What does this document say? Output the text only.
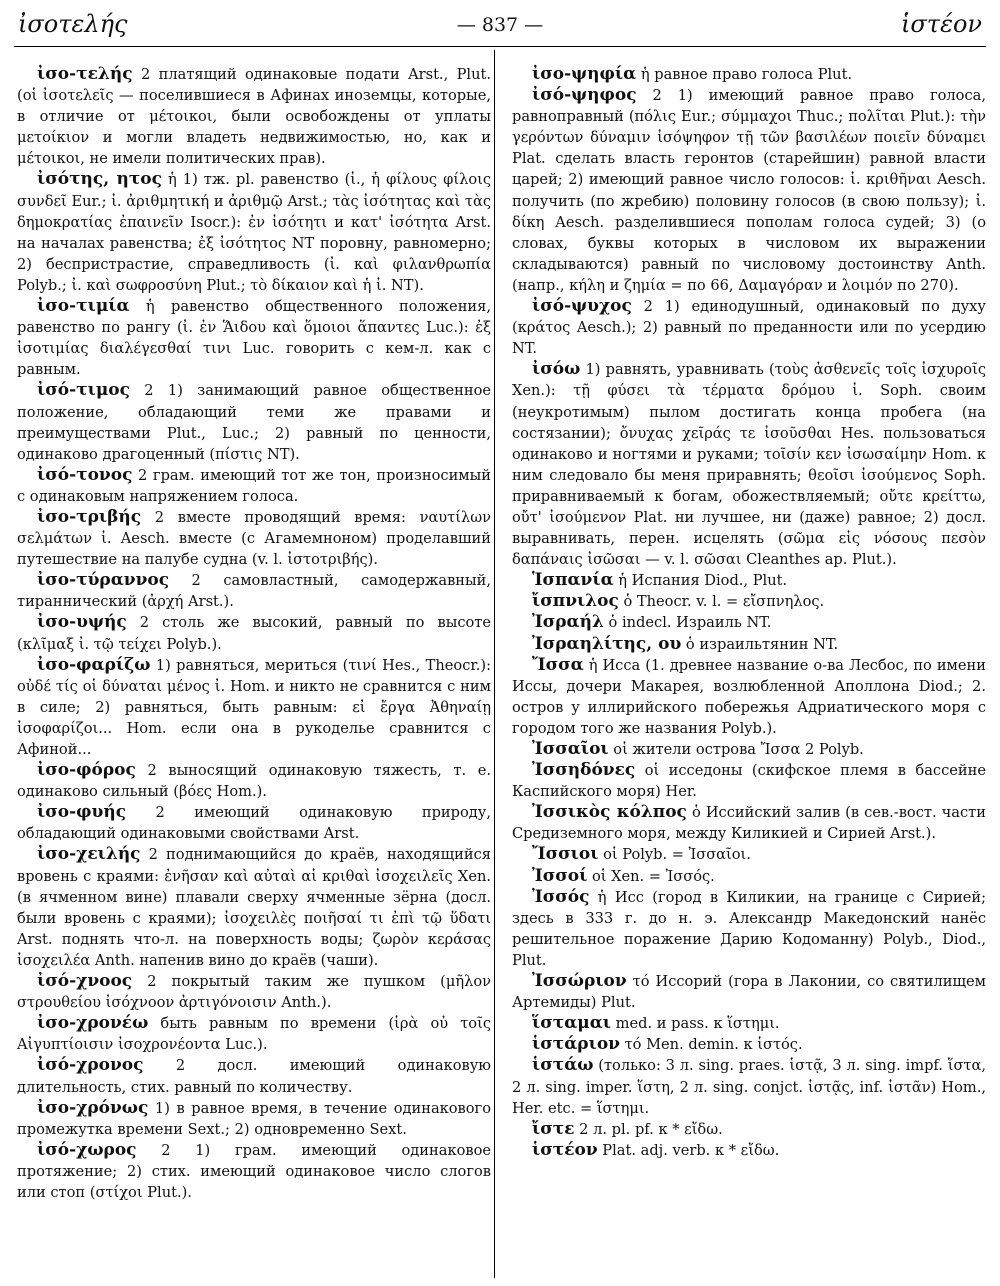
ἰσοτελής	— 837 —	ἱστέον

ἰσο-τελής 2 платящий одинаковые подати Arst., Plut. (οἱ ἰσοτελεῖς — поселившиеся в Афинах иноземцы, которые, в отличие от μέτοικοι, были освобождены от уплаты μετοίκιον и могли владеть недвижимостью, но, как и μέτοικοι, не имели политических прав).

ἰσότης, ητος ἡ 1) тж. pl. равенство (ἰ., ἡ φίλους φίλοις συνδεῖ Eur.; ἰ. ἀριθμητική и ἀριθμῷ Arst.; τὰς ἰσότητας καὶ τὰς δημοκρατίας ἐπαινεῖν Isocr.): ἐν ἰσότητι и κατ' ἰσότητα Arst. на началах равенства; ἐξ ἰσότητος NT поровну, равномерно; 2) беспристрастие, справедливость (ἰ. καὶ φιλανθρωπία Polyb.; ἰ. καὶ σωφροσύνη Plut.; τὸ δίκαιον καὶ ἡ ἰ. NT).

ἰσο-τιμία ἡ равенство общественного положения, равенство по рангу (ἰ. ἐν Ἅιδου καὶ ὅμοιοι ἅπαντες Luc.): ἐξ ἰσοτιμίας διαλέγεσθαί τινι Luc. говорить с кем-л. как с равным.

ἰσό-τιμος 2 1) занимающий равное общественное положение, обладающий теми же правами и преимуществами Plut., Luc.; 2) равный по ценности, одинаково драгоценный (πίστις NT).

ἰσό-τονος 2 грам. имеющий тот же тон, произносимый с одинаковым напряжением голоса.

ἰσο-τριβής 2 вместе проводящий время: ναυτίλων σελμάτων ἰ. Aesch. вместе (с Агамемноном) проделавший путешествие на палубе судна (v. l. ἰστοτριβής).

ἰσο-τύραννος 2 самовластный, самодержавный, тираннический (ἀρχή Arst.).

ἰσο-υψής 2 столь же высокий, равный по высоте (κλῖμαξ ἰ. τῷ τείχει Polyb.).

ἰσο-φαρίζω 1) равняться, мериться (τινί Hes., Theocr.): οὐδέ τίς οἱ δύναται μένος ἰ. Hom. и никто не сравнится с ним в силе; 2) равняться, быть равным: εἰ ἔργα Ἀθηναίῃ ἰσοφαρίζοι... Hom. если она в рукоделье сравнится с Афиной...

ἰσο-φόρος 2 выносящий одинаковую тяжесть, т. е. одинаково сильный (βόες Hom.).

ἰσο-φυής 2 имеющий одинаковую природу, обладающий одинаковыми свойствами Arst.

ἰσο-χειλής 2 поднимающийся до краёв, находящийся вровень с краями: ἐνῆσαν καὶ αὐταὶ αἱ κριθαὶ ἰσοχειλεῖς Xen. (в ячменном вине) плавали сверху ячменные зёрна (досл. были вровень с краями); ἰσοχειλὲς ποιῆσαί τι ἐπὶ τῷ ὕδατι Arst. поднять что-л. на поверхность воды; ζωρὸν κεράσας ἰσοχειλέα Anth. напенив вино до краёв (чаши).

ἰσό-χνοος 2 покрытый таким же пушком (μῆλον στρουθείου ἰσόχνοον ἀρτιγόνοισιν Anth.).

ἰσο-χρονέω быть равным по времени (ἱρὰ οὐ τοῖς Αἰγυπτίοισιν ἰσοχρονέοντα Luc.).

ἰσό-χρονος 2 досл. имеющий одинаковую длительность, стих. равный по количеству.

ἰσο-χρόνως 1) в равное время, в течение одинакового промежутка времени Sext.; 2) одновременно Sext.

ἰσό-χωρος 2 1) грам. имеющий одинаковое протяжение; 2) стих. имеющий одинаковое число слогов или стоп (στίχοι Plut.).

ἰσο-ψηφία ἡ равное право голоса Plut.

ἰσό-ψηφος 2 1) имеющий равное право голоса, равноправный (πόλις Eur.; σύμμαχοι Thuc.; πολῖται Plut.): τὴν γερόντων δύναμιν ἰσόψηφον τῇ τῶν βασιλέων ποιεῖν δύναμει Plat. сделать власть геронтов (старейшин) равной власти царей; 2) имеющий равное число голосов: ἰ. κριθῆναι Aesch. получить (по жребию) половину голосов (в свою пользу); ἰ. δίκη Aesch. разделившиеся пополам голоса судей; 3) (о словах, буквы которых в числовом их выражении складываются) равный по числовому достоинству Anth. (напр., κήλη и ζημία = по 66, Δαμαγόραν и λοιμόν по 270).

ἰσό-ψυχος 2 1) единодушный, одинаковый по духу (κράτος Aesch.); 2) равный по преданности или по усердию NT.

ἰσόω 1) равнять, уравнивать (τοὺς ἀσθενεῖς τοῖς ἰσχυροῖς Xen.): τῇ φύσει τὰ τέρματα δρόμου ἰ. Soph. своим (неукротимым) пылом достигать конца пробега (на состязании); ὄνυχας χεῖράς τε ἰσοῦσθαι Hes. пользоваться одинаково и ногтями и руками; τοῖσίν κεν ἰσωσαίμην Hom. к ним следовало бы меня приравнять; θεοῖσι ἰσούμενος Soph. приравниваемый к богам, обожествляемый; οὔτε κρείττω, οὔτ' ἰσούμενον Plat. ни лучшее, ни (даже) равное; 2) досл. выравнивать, перен. исцелять (σῶμα εἰς νόσους πεσὸν δαπάναις ἰσῶσαι — v. l. σῶσαι Cleanthes ap. Plut.).

Ἱσπανία ἡ Испания Diod., Plut.

ἴσπνιλος ὁ Theocr. v. l. = εἴσπνηλος.

Ἰσραήλ ὁ indecl. Израиль NT.

Ἰσραηλίτης, ου ὁ израильтянин NT.

Ἴσσα ἡ Исса (1. древнее название о-ва Лесбос, по имени Иссы, дочери Макарея, возлюбленной Аполлона Diod.; 2. остров у иллирийского побережья Адриатического моря с городом того же названия Polyb.).

Ἰσσαῖοι οἱ жители острова Ἴσσα 2 Polyb.

Ἰσσηδόνες οἱ исседоны (скифское племя в бассейне Каспийского моря) Her.

Ἰσσικὸς κόλπος ὁ Иссийский залив (в сев.-вост. части Средиземного моря, между Киликией и Сирией Arst.).

Ἴσσιοι οἱ Polyb. = Ἰσσαῖοι.

Ἰσσοί οἱ Xen. = Ἰσσός.

Ἰσσός ἡ Исс (город в Киликии, на границе с Сирией; здесь в 333 г. до н. э. Александр Македонский нанёс решительное поражение Дарию Кодоманну) Polyb., Diod., Plut.

Ἰσσώριον τό Иссорий (гора в Лаконии, со святилищем Артемиды) Plut.

ἵσταμαι med. и pass. к ἵστημι.

ἱστάριον τό Men. demin. к ἱστός.

ἱστάω (только: 3 л. sing. praes. ἱστᾷ, 3 л. sing. impf. ἵστα, 2 л. sing. imper. ἵστη, 2 л. sing. conjct. ἱστᾷς, inf. ἱστᾶν) Hom., Her. etc. = ἵστημι.

ἴστε 2 л. pl. pf. к * εἴδω.

ἱστέον Plat. adj. verb. к * εἴδω.
